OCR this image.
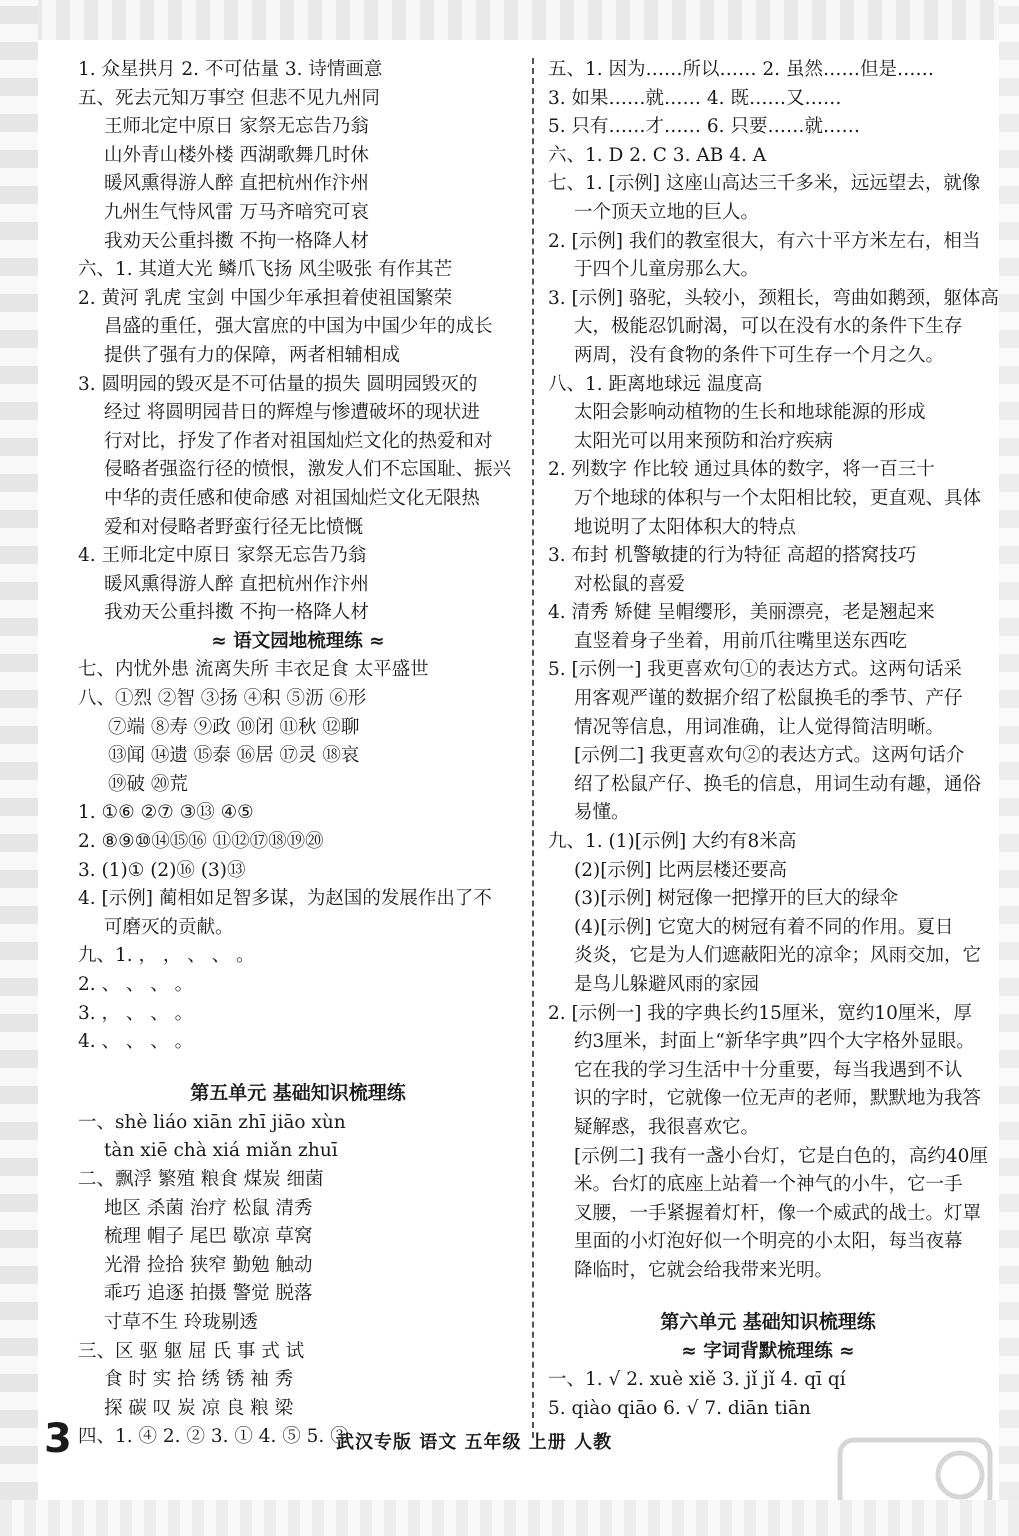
1. 众星拱月 2. 不可估量 3. 诗情画意
五、死去元知万事空 但悲不见九州同
王师北定中原日 家祭无忘告乃翁
山外青山楼外楼 西湖歌舞几时休
暖风熏得游人醉 直把杭州作汴州
九州生气恃风雷 万马齐喑究可哀
我劝天公重抖擞 不拘一格降人材
六、1. 其道大光 鳞爪飞扬 风尘吸张 有作其芒
2. 黄河 乳虎 宝剑 中国少年承担着使祖国繁荣
昌盛的重任，强大富庶的中国为中国少年的成长
提供了强有力的保障，两者相辅相成
3. 圆明园的毁灭是不可估量的损失 圆明园毁灭的
经过 将圆明园昔日的辉煌与惨遭破坏的现状进
行对比，抒发了作者对祖国灿烂文化的热爱和对
侵略者强盗行径的愤恨，激发人们不忘国耻、振兴
中华的责任感和使命感 对祖国灿烂文化无限热
爱和对侵略者野蛮行径无比愤慨
4. 王师北定中原日 家祭无忘告乃翁
暖风熏得游人醉 直把杭州作汴州
我劝天公重抖擞 不拘一格降人材
≈ 语文园地梳理练 ≈
七、内忧外患 流离失所 丰衣足食 太平盛世
八、①烈 ②智 ③扬 ④积 ⑤沥 ⑥形
⑦端 ⑧寿 ⑨政 ⑩闭 ⑪秋 ⑫聊
⑬闻 ⑭遗 ⑮泰 ⑯居 ⑰灵 ⑱哀
⑲破 ⑳荒
1. ①⑥ ②⑦ ③⑬ ④⑤
2. ⑧⑨⑩⑭⑮⑯ ⑪⑫⑰⑱⑲⑳
3. (1)① (2)⑯ (3)⑬
4. [示例] 蔺相如足智多谋，为赵国的发展作出了不
可磨灭的贡献。
九、1. ， ， 、 、 。
2. 、 、 、 。
3. ， 、 、 。
4. 、 、 、 。
第五单元 基础知识梳理练
一、shè liáo xiān zhī jiāo xùn
tàn xiē chà xiá miǎn zhuī
二、飘浮 繁殖 粮食 煤炭 细菌
地区 杀菌 治疗 松鼠 清秀
梳理 帽子 尾巴 歇凉 草窝
光滑 捡拾 狭窄 勤勉 触动
乖巧 追逐 拍摄 警觉 脱落
寸草不生 玲珑剔透
三、区 驱 躯 屈 氏 事 式 试
食 时 实 拾 绣 锈 袖 秀
探 碳 叹 炭 凉 良 粮 梁
四、1. ④ 2. ② 3. ① 4. ⑤ 5. ③
五、1. 因为……所以…… 2. 虽然……但是……
3. 如果……就…… 4. 既……又……
5. 只有……才…… 6. 只要……就……
六、1. D 2. C 3. AB 4. A
七、1. [示例] 这座山高达三千多米，远远望去，就像
一个顶天立地的巨人。
2. [示例] 我们的教室很大，有六十平方米左右，相当
于四个儿童房那么大。
3. [示例] 骆驼，头较小，颈粗长，弯曲如鹅颈，躯体高
大，极能忍饥耐渴，可以在没有水的条件下生存
两周，没有食物的条件下可生存一个月之久。
八、1. 距离地球远 温度高
太阳会影响动植物的生长和地球能源的形成
太阳光可以用来预防和治疗疾病
2. 列数字 作比较 通过具体的数字，将一百三十
万个地球的体积与一个太阳相比较，更直观、具体
地说明了太阳体积大的特点
3. 布封 机警敏捷的行为特征 高超的搭窝技巧
对松鼠的喜爱
4. 清秀 矫健 呈帽缨形，美丽漂亮，老是翘起来
直竖着身子坐着，用前爪往嘴里送东西吃
5. [示例一] 我更喜欢句①的表达方式。这两句话采
用客观严谨的数据介绍了松鼠换毛的季节、产仔
情况等信息，用词准确，让人觉得简洁明晰。
[示例二] 我更喜欢句②的表达方式。这两句话介
绍了松鼠产仔、换毛的信息，用词生动有趣，通俗
易懂。
九、1. (1)[示例] 大约有8米高
(2)[示例] 比两层楼还要高
(3)[示例] 树冠像一把撑开的巨大的绿伞
(4)[示例] 它宽大的树冠有着不同的作用。夏日
炎炎，它是为人们遮蔽阳光的凉伞；风雨交加，它
是鸟儿躲避风雨的家园
2. [示例一] 我的字典长约15厘米，宽约10厘米，厚
约3厘米，封面上“新华字典”四个大字格外显眼。
它在我的学习生活中十分重要，每当我遇到不认
识的字时，它就像一位无声的老师，默默地为我答
疑解惑，我很喜欢它。
[示例二] 我有一盏小台灯，它是白色的，高约40厘
米。台灯的底座上站着一个神气的小牛，它一手
叉腰，一手紧握着灯杆，像一个威武的战士。灯罩
里面的小灯泡好似一个明亮的小太阳，每当夜幕
降临时，它就会给我带来光明。
第六单元 基础知识梳理练
≈ 字词背默梳理练 ≈
一、1. √ 2. xuè xiě 3. jǐ jǐ 4. qī qí
5. qiào qiāo 6. √ 7. diān tiān
3	武汉专版 语文 五年级 上册 人教
